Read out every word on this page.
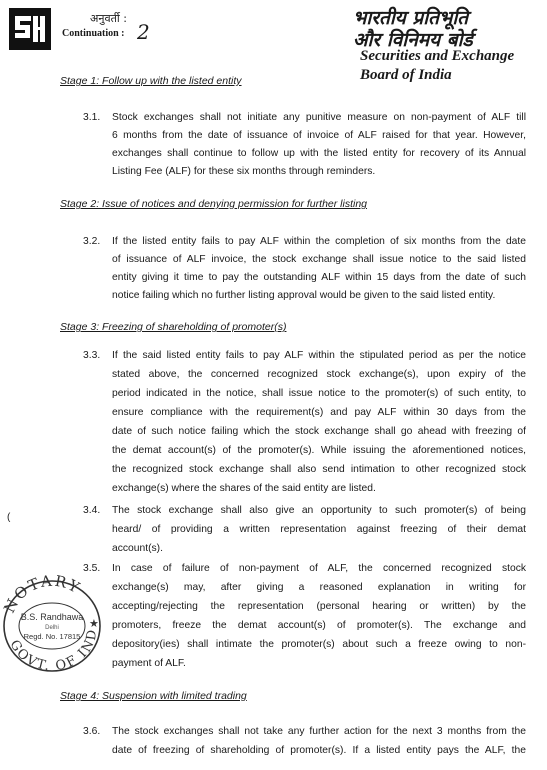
अनुवर्ती :
Continuation : 2
भारतीय प्रतिभूति
और विनिमय बोर्ड
Securities and Exchange
Board of India
Stage 1: Follow up with the listed entity
3.1. Stock exchanges shall not initiate any punitive measure on non-payment of ALF till
6 months from the date of issuance of invoice of ALF raised for that year. However,
exchanges shall continue to follow up with the listed entity for recovery of its Annual
Listing Fee (ALF) for these six months through reminders.
Stage 2: Issue of notices and denying permission for further listing
3.2. If the listed entity fails to pay ALF within the completion of six months from the date
of issuance of ALF invoice, the stock exchange shall issue notice to the said listed
entity giving it time to pay the outstanding ALF within 15 days from the date of such
notice failing which no further listing approval would be given to the said listed entity.
Stage 3: Freezing of shareholding of promoter(s)
3.3. If the said listed entity fails to pay ALF within the stipulated period as per the notice
stated above, the concerned recognized stock exchange(s), upon expiry of the
period indicated in the notice, shall issue notice to the promoter(s) of such entity, to
ensure compliance with the requirement(s) and pay ALF within 30 days from the
date of such notice failing which the stock exchange shall go ahead with freezing of
the demat account(s) of the promoter(s). While issuing the aforementioned notices,
the recognized stock exchange shall also send intimation to other recognized stock
exchange(s) where the shares of the said entity are listed.
(
3.4. The stock exchange shall also give an opportunity to such promoter(s) of being
heard/ of providing a written representation against freezing of their demat
account(s).
3.5. In case of failure of non-payment of ALF, the concerned recognized stock
exchange(s) may, after giving a reasoned explanation in writing for
accepting/rejecting the representation (personal hearing or written) by the
promoters, freeze the demat account(s) of promoter(s). The exchange and
depository(ies) shall intimate the promoter(s) about such a freeze owing to non-
payment of ALF.
NOTARY
GOVT. OF IND
B.S. Randhawa
Delhi
Regd. No. 17815
★
Stage 4: Suspension with limited trading
3.6. The stock exchanges shall not take any further action for the next 3 months from the
date of freezing of shareholding of promoter(s). If a listed entity pays the ALF, the
